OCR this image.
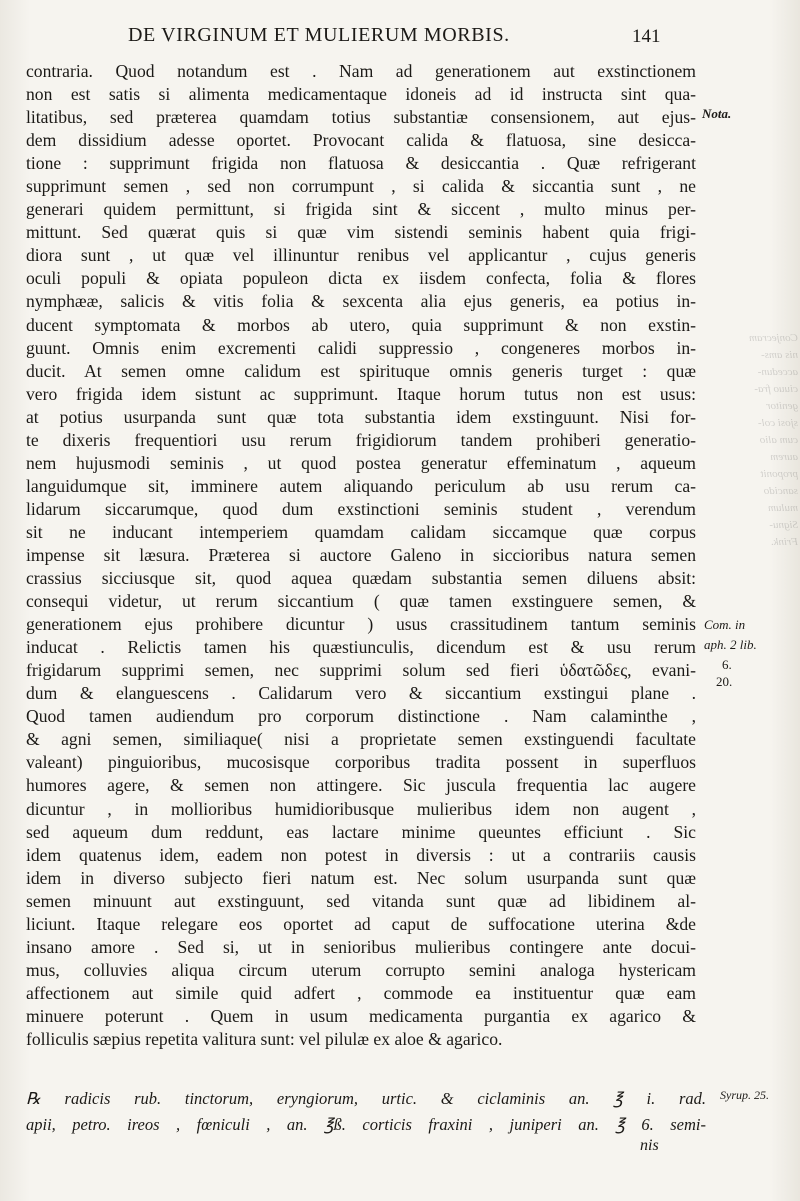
Conjecram
nis ams-
accedun-
ciuuo fra-
genitor
sjosi col-
cum alio
aurem
proponit
sancido
mulum
Signu-
Frink.
DE VIRGINUM ET MULIERUM MORBIS.	141
contraria. Quod notandum est . Nam ad generationem aut exstinctionem
non est satis si alimenta medicamentaque idoneis ad id instructa sint qua-
litatibus, sed præterea quamdam totius substantiæ consensionem, aut ejus-
dem dissidium adesse oportet. Provocant calida & flatuosa, sine desicca-
tione : supprimunt frigida non flatuosa & desiccantia . Quæ refrigerant
supprimunt semen , sed non corrumpunt , si calida & siccantia sunt , ne
generari quidem permittunt, si frigida sint & siccent , multo minus per-
mittunt. Sed quærat quis si quæ vim sistendi seminis habent quia frigi-
diora sunt , ut quæ vel illinuntur renibus vel applicantur , cujus generis
oculi populi & opiata populeon dicta ex iisdem confecta, folia & flores
nymphææ, salicis & vitis folia & sexcenta alia ejus generis, ea potius in-
ducent symptomata & morbos ab utero, quia supprimunt & non exstin-
guunt. Omnis enim excrementi calidi suppressio , congeneres morbos in-
ducit. At semen omne calidum est spirituque omnis generis turget : quæ
vero frigida idem sistunt ac supprimunt. Itaque horum tutus non est usus:
at potius usurpanda sunt quæ tota substantia idem exstinguunt. Nisi for-
te dixeris frequentiori usu rerum frigidiorum tandem prohiberi generatio-
nem hujusmodi seminis , ut quod postea generatur effeminatum , aqueum
languidumque sit, imminere autem aliquando periculum ab usu rerum ca-
lidarum siccarumque, quod dum exstinctioni seminis student , verendum
sit ne inducant intemperiem quamdam calidam siccamque quæ corpus
impense sit læsura. Præterea si auctore Galeno in siccioribus natura semen
crassius sicciusque sit, quod aquea quædam substantia semen diluens absit:
consequi videtur, ut rerum siccantium ( quæ tamen exstinguere semen, &
generationem ejus prohibere dicuntur ) usus crassitudinem tantum seminis
inducat . Relictis tamen his quæstiunculis, dicendum est & usu rerum
frigidarum supprimi semen, nec supprimi solum sed fieri ὑδατῶδες, evani-
dum & elanguescens . Calidarum vero & siccantium exstingui plane .
Quod tamen audiendum pro corporum distinctione . Nam calaminthe ,
& agni semen, similiaque( nisi a proprietate semen exstinguendi facultate
valeant) pinguioribus, mucosisque corporibus tradita possent in superfluos
humores agere, & semen non attingere. Sic juscula frequentia lac augere
dicuntur , in mollioribus humidioribusque mulieribus idem non augent ,
sed aqueum dum reddunt, eas lactare minime queuntes efficiunt . Sic
idem quatenus idem, eadem non potest in diversis : ut a contrariis causis
idem in diverso subjecto fieri natum est. Nec solum usurpanda sunt quæ
semen minuunt aut exstinguunt, sed vitanda sunt quæ ad libidinem al-
liciunt. Itaque relegare eos oportet ad caput de suffocatione uterina &de
insano amore . Sed si, ut in senioribus mulieribus contingere ante docui-
mus, colluvies aliqua circum uterum corrupto semini analoga hystericam
affectionem aut simile quid adfert , commode ea instituentur quæ eam
minuere poterunt . Quem in usum medicamenta purgantia ex agarico &
folliculis sæpius repetita valitura sunt: vel pilulæ ex aloe & agarico.
℞ radicis rub. tinctorum, eryngiorum, urtic. & ciclaminis an. ℥ i. rad.
apii, petro. ireos , fœniculi , an. ℥ß. corticis fraxini , juniperi an. ℥ 6. semi-
nis
Nota.
Com. in
aph. 2 lib.
6.
20.
Syrup. 25.
